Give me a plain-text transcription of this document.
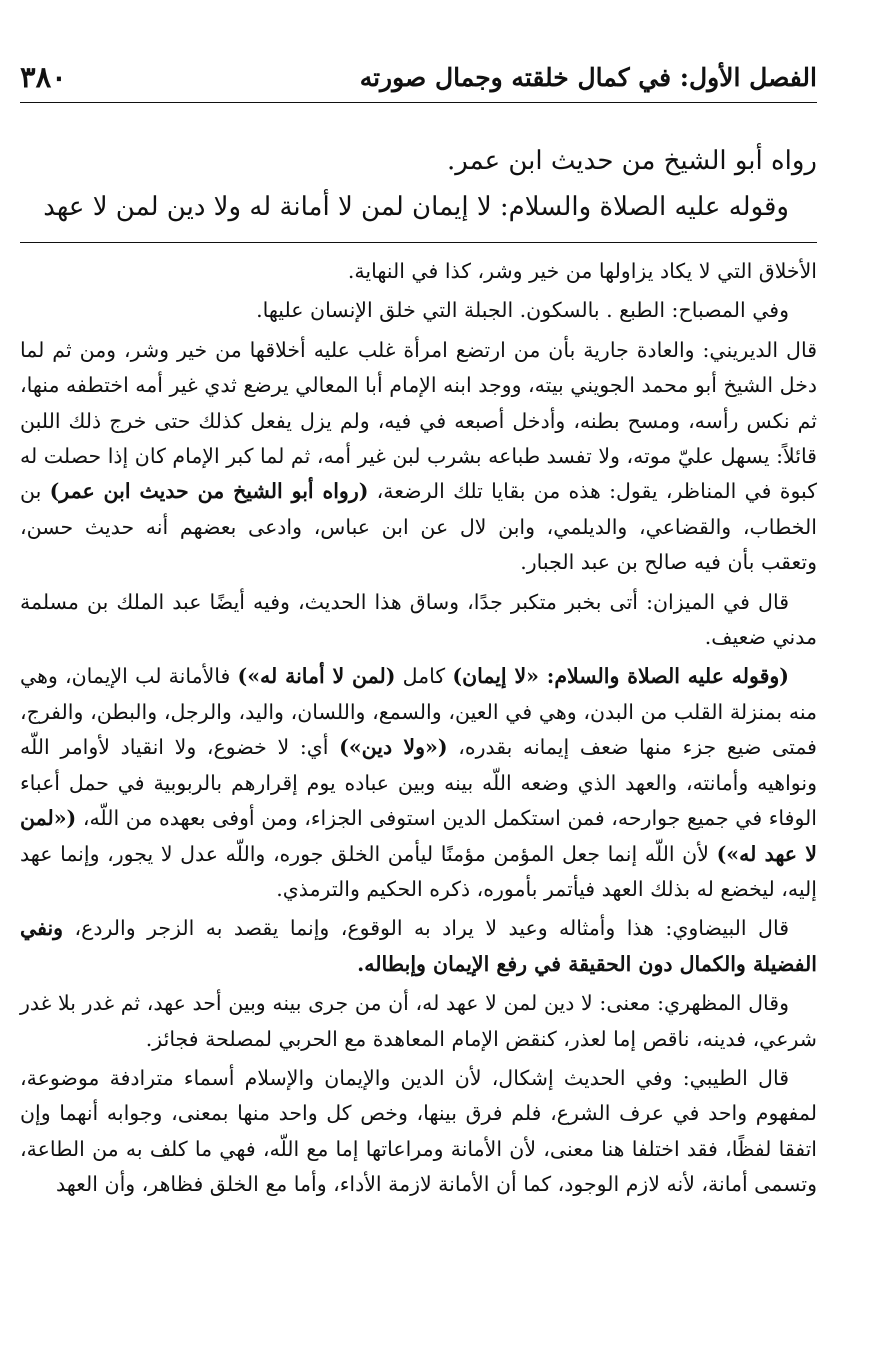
الفصل الأول: في كمال خلقته وجمال صورته
٣٨٠

رواه أبو الشيخ من حديث ابن عمر.

وقوله عليه الصلاة والسلام: لا إيمان لمن لا أمانة له ولا دين لمن لا عهد

الأخلاق التي لا يكاد يزاولها من خير وشر، كذا في النهاية.

وفي المصباح: الطبع . بالسكون. الجبلة التي خلق الإنسان عليها.

قال الديريني: والعادة جارية بأن من ارتضع امرأة غلب عليه أخلاقها من خير وشر، ومن ثم لما دخل الشيخ أبو محمد الجويني بيته، ووجد ابنه الإمام أبا المعالي يرضع ثدي غير أمه اختطفه منها، ثم نكس رأسه، ومسح بطنه، وأدخل أصبعه في فيه، ولم يزل يفعل كذلك حتى خرج ذلك اللبن قائلاً: يسهل عليّ موته، ولا تفسد طباعه بشرب لبن غير أمه، ثم لما كبر الإمام كان إذا حصلت له كبوة في المناظر، يقول: هذه من بقايا تلك الرضعة، (رواه أبو الشيخ من حديث ابن عمر) بن الخطاب، والقضاعي، والديلمي، وابن لال عن ابن عباس، وادعى بعضهم أنه حديث حسن، وتعقب بأن فيه صالح بن عبد الجبار.

قال في الميزان: أتى بخبر متكبر جدًا، وساق هذا الحديث، وفيه أيضًا عبد الملك بن مسلمة مدني ضعيف.

(وقوله عليه الصلاة والسلام: «لا إيمان) كامل (لمن لا أمانة له») فالأمانة لب الإيمان، وهي منه بمنزلة القلب من البدن، وهي في العين، والسمع، واللسان، واليد، والرجل، والبطن، والفرج، فمتى ضيع جزء منها ضعف إيمانه بقدره، («ولا دين») أي: لا خضوع، ولا انقياد لأوامر اللّه ونواهيه وأمانته، والعهد الذي وضعه اللّه بينه وبين عباده يوم إقرارهم بالربوبية في حمل أعباء الوفاء في جميع جوارحه، فمن استكمل الدين استوفى الجزاء، ومن أوفى بعهده من اللّه، («لمن لا عهد له») لأن اللّه إنما جعل المؤمن مؤمنًا ليأمن الخلق جوره، واللّه عدل لا يجور، وإنما عهد إليه، ليخضع له بذلك العهد فيأتمر بأموره، ذكره الحكيم والترمذي.

قال البيضاوي: هذا وأمثاله وعيد لا يراد به الوقوع، وإنما يقصد به الزجر والردع، ونفي الفضيلة والكمال دون الحقيقة في رفع الإيمان وإبطاله.

وقال المظهري: معنى: لا دين لمن لا عهد له، أن من جرى بينه وبين أحد عهد، ثم غدر بلا غدر شرعي، فدينه، ناقص إما لعذر، كنقض الإمام المعاهدة مع الحربي لمصلحة فجائز.

قال الطيبي: وفي الحديث إشكال، لأن الدين والإيمان والإسلام أسماء مترادفة موضوعة، لمفهوم واحد في عرف الشرع، فلم فرق بينها، وخص كل واحد منها بمعنى، وجوابه أنهما وإن اتفقا لفظًا، فقد اختلفا هنا معنى، لأن الأمانة ومراعاتها إما مع اللّه، فهي ما كلف به من الطاعة، وتسمى أمانة، لأنه لازم الوجود، كما أن الأمانة لازمة الأداء، وأما مع الخلق فظاهر، وأن العهد
